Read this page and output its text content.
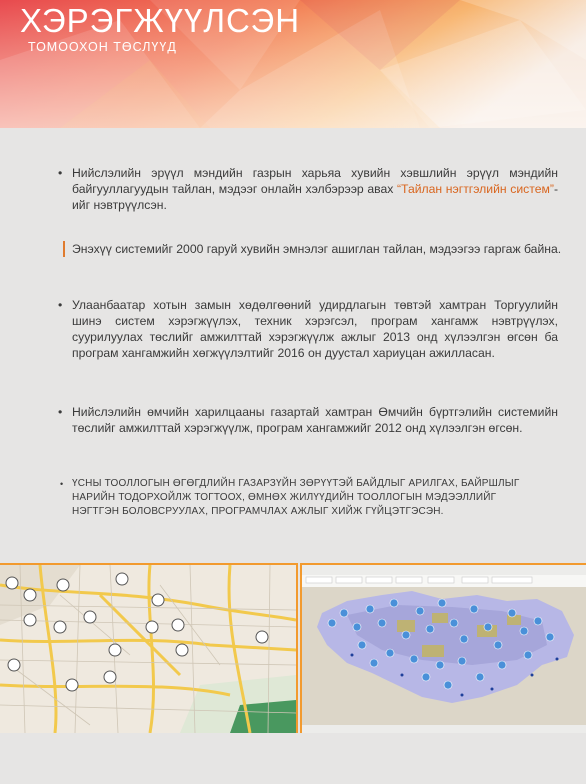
ХЭРЭГЖҮҮЛСЭН
ТОМООХОН ТӨСЛҮҮД
• Нийслэлийн эрүүл мэндийн газрын харьяа хувийн хэвшлийн эрүүл мэндийн байгууллагуудын тайлан, мэдээг онлайн хэлбэрээр авах “Тайлан нэгтгэлийн систем”-ийг нэвтрүүлсэн.
Энэхүү системийг 2000 гаруй хувийн эмнэлэг ашиглан тайлан, мэдээгээ гаргаж байна.
• Улаанбаатар хотын замын хөдөлгөөний удирдлагын төвтэй хамтран Торгуулийн шинэ систем хэрэгжүүлэх, техник хэрэгсэл, програм хангамж нэвтрүүлэх, суурилуулах төслийг амжилттай хэрэгжүүлж ажлыг 2013 онд хүлээлгэн өгсөн ба програм хангамжийн хөгжүүлэлтийг 2016 он дуустал хариуцан ажилласан.
• Нийслэлийн өмчийн харилцааны газартай хамтран Өмчийн бүртгэлийн системийн төслийг амжилттай хэрэгжүүлж, програм хангамжийг 2012 онд хүлээлгэн өгсөн.
• ҮСНЫ ТООЛЛОГЫН ӨГӨГДЛИЙН ГАЗАРЗҮЙН ЗӨРҮҮТЭЙ БАЙДЛЫГ АРИЛГАХ, БАЙРШЛЫГ НАРИЙН ТОДОРХОЙЛЖ ТОГТООХ, ӨМНӨХ ЖИЛҮҮДИЙН ТООЛЛОГЫН МЭДЭЭЛЛИЙГ НЭГТГЭН БОЛОВСРУУЛАХ, ПРОГРАМЧЛАХ АЖЛЫГ ХИЙЖ ГҮЙЦЭТГЭСЭН.
